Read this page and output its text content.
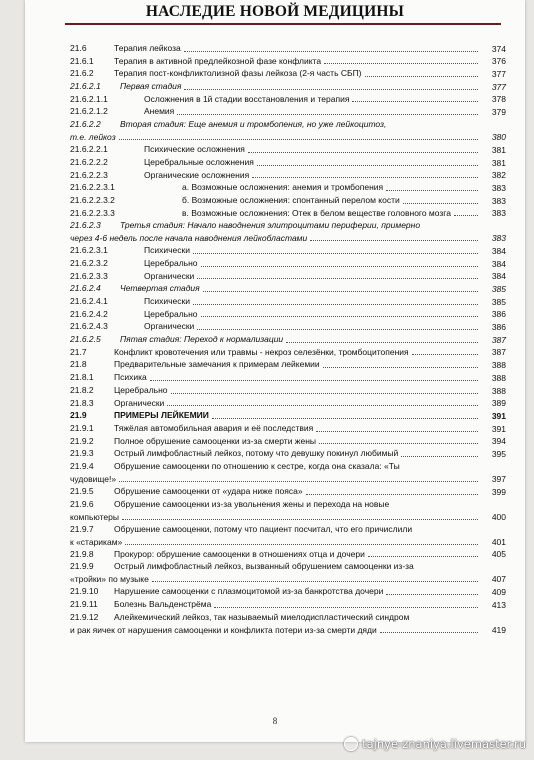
НАСЛЕДИЕ НОВОЙ МЕДИЦИНЫ
21.6	Терапия лейкоза	374
21.6.1 Терапия в активной предлейкозной фазе конфликта	376
21.6.2 Терапия пост-конфликтолизной фазы лейкоза (2-я часть СБП)	377
21.6.2.1 Первая стадия	377
21.6.2.1.1	Осложнения в 1й стадии восстановления и терапия	378
21.6.2.1.2	Анемия	379
21.6.2.2 Вторая стадия: Еще анемия и тромбопения, но уже лейкоцитоз,
т.е. лейкоз	380
21.6.2.2.1	Психические осложнения	381
21.6.2.2.2	Церебральные осложнения	381
21.6.2.2.3	Органические осложнения	382
21.6.2.2.3.1	а. Возможные осложнения: анемия и тромбопения	383
21.6.2.2.3.2	б. Возможные осложнения: спонтанный перелом кости	383
21.6.2.2.3.3	в. Возможные осложнения: Отек в белом веществе головного мозга	383
21.6.2.3 Третья стадия: Начало наводнения элитроцитами периферии, примерно
через 4-6 недель после начала наводнения лейкобластами	383
21.6.2.3.1	Психически	384
21.6.2.3.2	Церебрально	384
21.6.2.3.3	Органически	384
21.6.2.4 Четвертая стадия	385
21.6.2.4.1	Психически	385
21.6.2.4.2	Церебрально	386
21.6.2.4.3	Органически	386
21.6.2.5 Пятая стадия: Переход к нормализации	387
21.7	Конфликт кровотечения или травмы - некроз селезёнки, тромбоцитопения	387
21.8	Предварительные замечания к примерам лейкемии	388
21.8.1 Психика	388
21.8.2 Церебрально	388
21.8.3 Органически	389
21.9	ПРИМЕРЫ ЛЕЙКЕМИИ	391
21.9.1 Тяжёлая автомобильная авария и её последствия	391
21.9.2 Полное обрушение самооценки из-за смерти жены	394
21.9.3 Острый лимфобластный лейкоз, потому что девушку покинул любимый	395
21.9.4 Обрушение самооценки по отношению к сестре, когда она сказала: «Ты
чудовище!»	397
21.9.5 Обрушение самооценки от «удара ниже пояса»	399
21.9.6 Обрушение самооценки из-за увольнения жены и перехода на новые
компьютеры	400
21.9.7 Обрушение самооценки, потому что пациент посчитал, что его причислили
к «старикам»	401
21.9.8 Прокурор: обрушение самооценки в отношениях отца и дочери	405
21.9.9 Острый лимфобластный лейкоз, вызванный обрушением самооценки из-за
«тройки» по музыке	407
21.9.10 Нарушение самооценки с плазмоцитомой из-за банкротства дочери	409
21.9.11 Болезнь Вальденстрёма	413
21.9.12 Алейкемический лейкоз, так называемый миелодиспластический синдром
и рак яичек от нарушения самооценки и конфликта потери из-за смерти дяди	419
8
tajnye-znaniya.livemaster.ru
